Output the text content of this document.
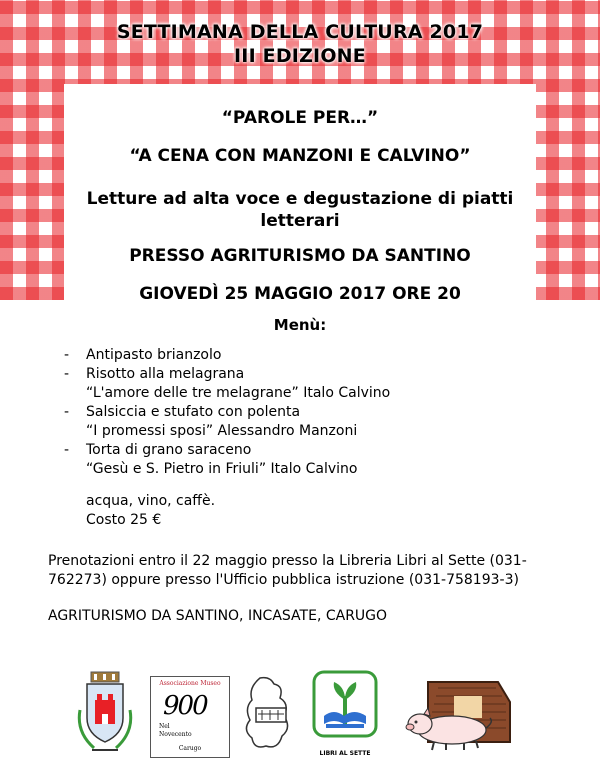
SETTIMANA DELLA CULTURA 2017
III EDIZIONE
“PAROLE PER…”
“A CENA CON MANZONI E CALVINO”
Letture ad alta voce e degustazione di piatti letterari
PRESSO AGRITURISMO DA SANTINO
GIOVEDÌ 25 MAGGIO 2017 ORE 20
Menù:
-	Antipasto brianzolo
-	Risotto alla melagrana
“L'amore delle tre melagrane” Italo Calvino
-	Salsiccia e stufato con polenta
“I promessi sposi” Alessandro Manzoni
-	Torta di grano saraceno
“Gesù e S. Pietro in Friuli” Italo Calvino
acqua, vino, caffè.
Costo 25 €
Prenotazioni entro il 22 maggio presso la Libreria Libri al Sette (031-762273) oppure presso l'Ufficio pubblica istruzione (031-758193-3)
AGRITURISMO DA SANTINO, INCASATE, CARUGO
Associazione Museo
900
Nel
Novecento
Carugo
LIBRI AL SETTE
